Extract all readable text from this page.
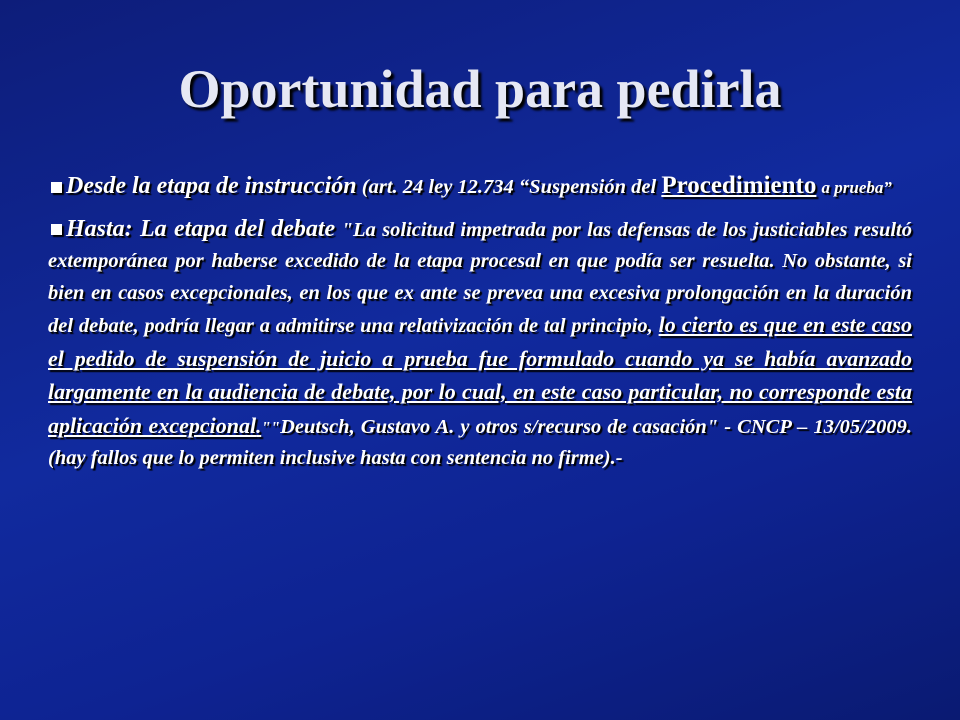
Oportunidad para pedirla

Desde la etapa de instrucción (art. 24 ley 12.734 “Suspensión del Procedimiento a prueba”

Hasta: La etapa del debate "La solicitud impetrada por las defensas de los justiciables resultó extemporánea por haberse excedido de la etapa procesal en que podía ser resuelta. No obstante, si bien en casos excepcionales, en los que ex ante se prevea una excesiva prolongación en la duración del debate, podría llegar a admitirse una relativización de tal principio, lo cierto es que en este caso el pedido de suspensión de juicio a prueba fue formulado cuando ya se había avanzado largamente en la audiencia de debate, por lo cual, en este caso particular, no corresponde esta aplicación excepcional.""Deutsch, Gustavo A. y otros s/recurso de casación" - CNCP – 13/05/2009. (hay fallos que lo permiten inclusive hasta con sentencia no firme).-
